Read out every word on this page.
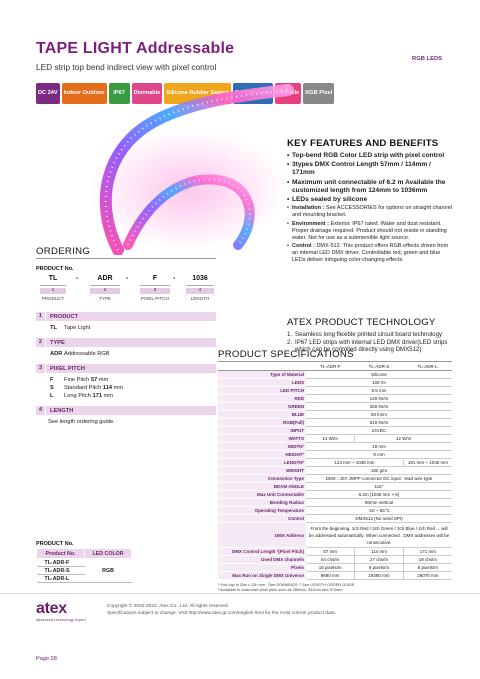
TAPE LIGHT Addressable
LED strip top bend indirect view with pixel control
RGB LEDS
DC 24V	Indoor Outdoor	IP67	Dimmable	Silicone Rubber Sealed	Customizable	Cuttable	RGB Pixel
KEY FEATURES AND BENEFITS
• Top-bend RGB Color LED strip with pixel control
• 3types DMX Control Length 57mm / 114mm / 171mm
• Maximum unit connectable of 6.2 m Available the customized length from 124mm to 1036mm
• LEDs sealed by silicone
• Installation : See ACCESSORIES for options on straight channel and mounting bracket.
• Environment : Exterior. IP67 rated. Water and dust resistant. Proper drainage required. Product should not reside in standing water. Not for use as a submersible light source.
• Control : DMX-512. This product offers RGB effects driven from an internal LED DMX driver. Controllable red, green and blue LEDs deliver intriguing color-changing effects.
ATEX PRODUCT TECHNOLOGY
1. Seamless long flexible printed circuit board technology
2. IP67 LED strips with internal LED DMX driver(LED strips which can be contolled directly using DMX512)
ORDERING
PRODUCT No.
TL
1
PRODUCT
ADR
2
TYPE
F
3
PIXEL PITCH
1036
4
LENGTH
-	-	-
1	PRODUCT
TL	Tape Light
2	TYPE
ADR Addressable RGB
3	PIXEL PITCH
F	Fine Pitch 57 mm
S	Standard Pitch 114 mm
L	Long Pitch 171 mm
4	LENGTH
See length ordering guide.
PRODUCT No.
Product No.	LED COLOR
TL-ADR-F	RGB
TL-ADR-S	
TL-ADR-L	
PRODUCT SPECIFICATIONS
	TL-ADR-F	TL-ADR-S	TL-ADR-L
Type of Material	Silicone		
LEDS	108 /m		
LED PITCH	9.5 mm		
RED	140 lm/m		
GREEN	350 lm/m		
BLUE	60 lm/m		
RGB(Full)	510 lm/m		
INPUT	24VDC		
WATTS	13 W/m	12 W/m	
WIDTH¹	18 mm		
HEIGHT¹	8 mm		
LENGTH²	124 mm ~ 1036 mm		181 mm ~ 1036 mm
WEIGHT	180 g/m		
Connection Type	DMX : JST JWPF connector DC input : lead wire type		
BEAM ANGLE	115°		
Max Unit Connectable	6.2m (1036 mm × 6)		
Bending Radius	80mm vertical		
Operating Temperature	-10 ~ 55°C		
Control	DMX512 (No need SPI)		
DMX Address	From the beginning, 1ch Red / 2ch Green / 3ch Blue / 4ch Red ... will be addressed automatically. When connected , DMX addresses will be consecutive.		
DMX Control Length ¹(Pixel Pitch)	57 mm	114 mm	171 mm
Used DMX channels	54 chs/m	27 chs/m	18 chs/m
Pixels	18 pixels/m	9 pixels/m	6 pixels/m
Max Run on Single DMX Universe	9690 mm	19380 mm	29070 mm
¹ End cap in 20w x 12h mm : See DRAWINGS. ² See LENGTH ORDER GUIDE.
³ Available to customize pixel pitch such as 285mm, 342mm and 570mm
atex
advanced technology expert
Copyright © 2022-2023. Atex Co., Ltd. All rights reserved.
Specifications subject to change. Visit http://www.atex.gr.com/english.html for the most current product data.
Page 28
